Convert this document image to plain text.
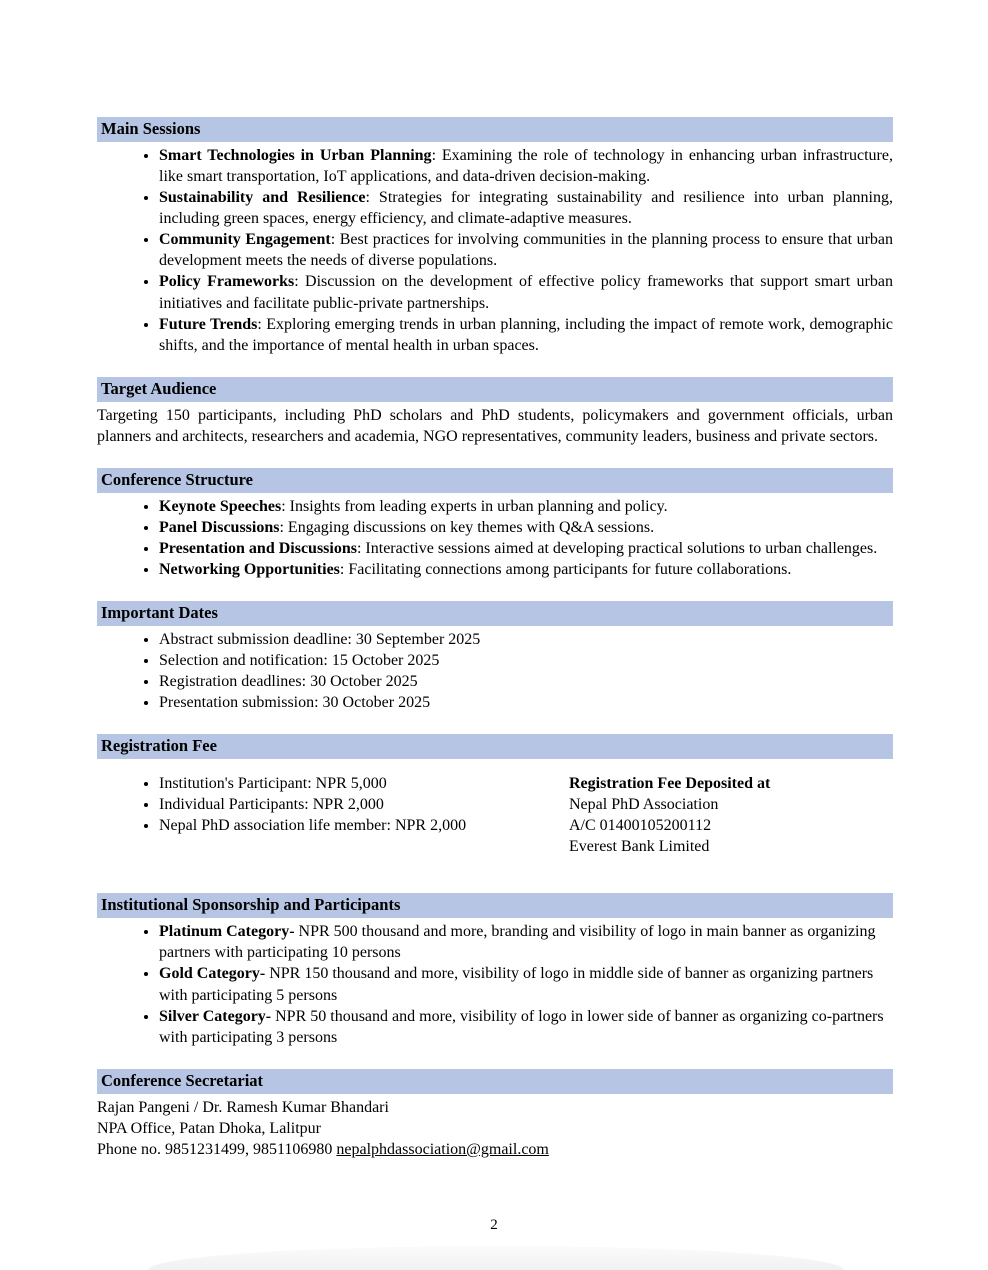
Main Sessions
• Smart Technologies in Urban Planning: Examining the role of technology in enhancing urban infrastructure, like smart transportation, IoT applications, and data-driven decision-making.
• Sustainability and Resilience: Strategies for integrating sustainability and resilience into urban planning, including green spaces, energy efficiency, and climate-adaptive measures.
• Community Engagement: Best practices for involving communities in the planning process to ensure that urban development meets the needs of diverse populations.
• Policy Frameworks: Discussion on the development of effective policy frameworks that support smart urban initiatives and facilitate public-private partnerships.
• Future Trends: Exploring emerging trends in urban planning, including the impact of remote work, demographic shifts, and the importance of mental health in urban spaces.
Target Audience

Targeting 150 participants, including PhD scholars and PhD students, policymakers and government officials, urban planners and architects, researchers and academia, NGO representatives, community leaders, business and private sectors.

Conference Structure
• Keynote Speeches: Insights from leading experts in urban planning and policy.
• Panel Discussions: Engaging discussions on key themes with Q&A sessions.
• Presentation and Discussions: Interactive sessions aimed at developing practical solutions to urban challenges.
• Networking Opportunities: Facilitating connections among participants for future collaborations.
Important Dates
• Abstract submission deadline: 30 September 2025
• Selection and notification: 15 October 2025
• Registration deadlines: 30 October 2025
• Presentation submission: 30 October 2025
Registration Fee
• Institution's Participant: NPR 5,000
• Individual Participants: NPR 2,000
• Nepal PhD association life member: NPR 2,000

Registration Fee Deposited at

Nepal PhD Association

A/C 01400105200112

Everest Bank Limited

Institutional Sponsorship and Participants
• Platinum Category- NPR 500 thousand and more, branding and visibility of logo in main banner as organizing partners with participating 10 persons
• Gold Category- NPR 150 thousand and more, visibility of logo in middle side of banner as organizing partners with participating 5 persons
• Silver Category- NPR 50 thousand and more, visibility of logo in lower side of banner as organizing co-partners with participating 3 persons
Conference Secretariat

Rajan Pangeni / Dr. Ramesh Kumar Bhandari

NPA Office, Patan Dhoka, Lalitpur

Phone no. 9851231499, 9851106980 nepalphdassociation@gmail.com

2
